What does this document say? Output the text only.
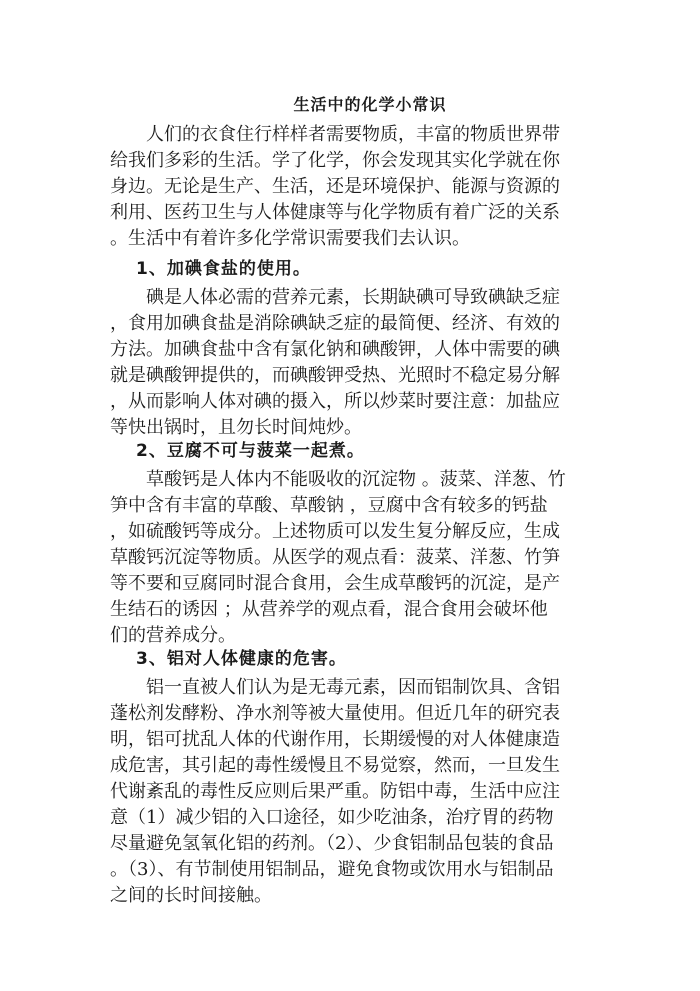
生活中的化学小常识

人们的衣食住行样样者需要物质，丰富的物质世界带
给我们多彩的生活。学了化学，你会发现其实化学就在你
身边。无论是生产、生活，还是环境保护、能源与资源的
利用、医药卫生与人体健康等与化学物质有着广泛的关系
。生活中有着许多化学常识需要我们去认识。

1、加碘食盐的使用。

碘是人体必需的营养元素，长期缺碘可导致碘缺乏症
，食用加碘食盐是消除碘缺乏症的最简便、经济、有效的
方法。加碘食盐中含有氯化钠和碘酸钾，人体中需要的碘
就是碘酸钾提供的，而碘酸钾受热、光照时不稳定易分解
，从而影响人体对碘的摄入，所以炒菜时要注意：加盐应
等快出锅时，且勿长时间炖炒。

2、豆腐不可与菠菜一起煮。

草酸钙是人体内不能吸收的沉淀物 。菠菜、洋葱、竹
笋中含有丰富的草酸、草酸钠 ，豆腐中含有较多的钙盐
，如硫酸钙等成分。上述物质可以发生复分解反应，生成
草酸钙沉淀等物质。从医学的观点看：菠菜、洋葱、竹笋
等不要和豆腐同时混合食用，会生成草酸钙的沉淀，是产
生结石的诱因 ；从营养学的观点看，混合食用会破坏他
们的营养成分。

3、铝对人体健康的危害。

铝一直被人们认为是无毒元素，因而铝制饮具、含铝
蓬松剂发酵粉、净水剂等被大量使用。但近几年的研究表
明，铝可扰乱人体的代谢作用，长期缓慢的对人体健康造
成危害，其引起的毒性缓慢且不易觉察，然而，一旦发生
代谢紊乱的毒性反应则后果严重。防铝中毒，生活中应注
意（1）减少铝的入口途径，如少吃油条，治疗胃的药物
尽量避免氢氧化铝的药剂。（2）、少食铝制品包装的食品
。（3）、有节制使用铝制品，避免食物或饮用水与铝制品
之间的长时间接触。
